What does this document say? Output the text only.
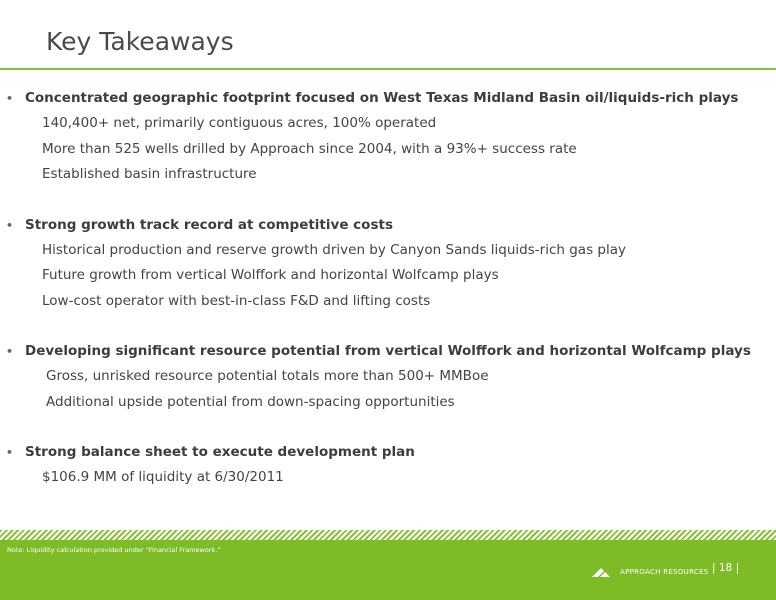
Key Takeaways
• Concentrated geographic footprint focused on West Texas Midland Basin oil/liquids-rich plays
140,400+ net, primarily contiguous acres, 100% operated
More than 525 wells drilled by Approach since 2004, with a 93%+ success rate
Established basin infrastructure
• Strong growth track record at competitive costs
Historical production and reserve growth driven by Canyon Sands liquids-rich gas play
Future growth from vertical Wolffork and horizontal Wolfcamp plays
Low-cost operator with best-in-class F&D and lifting costs
• Developing significant resource potential from vertical Wolffork and horizontal Wolfcamp plays
Gross, unrisked resource potential totals more than 500+ MMBoe
Additional upside potential from down-spacing opportunities
• Strong balance sheet to execute development plan
$106.9 MM of liquidity at 6/30/2011
Note: Liquidity calculation provided under “Financial Framework.”
APPROACH RESOURCES | 18 |
